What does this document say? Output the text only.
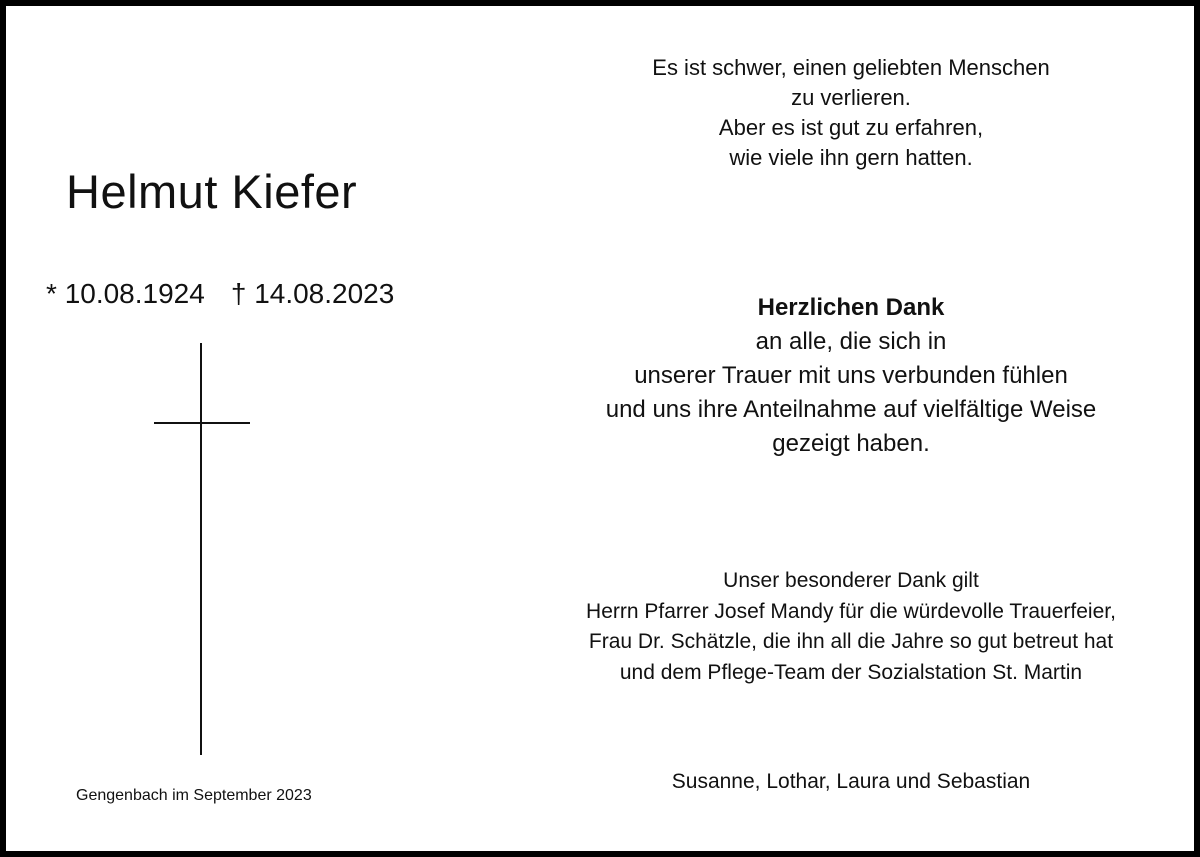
Helmut Kiefer
* 10.08.1924 † 14.08.2023
Gengenbach im September 2023
Es ist schwer, einen geliebten Menschen
zu verlieren.
Aber es ist gut zu erfahren,
wie viele ihn gern hatten.
Herzlichen Dank
an alle, die sich in
unserer Trauer mit uns verbunden fühlen
und uns ihre Anteilnahme auf vielfältige Weise
gezeigt haben.
Unser besonderer Dank gilt
Herrn Pfarrer Josef Mandy für die würdevolle Trauerfeier,
Frau Dr. Schätzle, die ihn all die Jahre so gut betreut hat
und dem Pflege-Team der Sozialstation St. Martin
Susanne, Lothar, Laura und Sebastian
